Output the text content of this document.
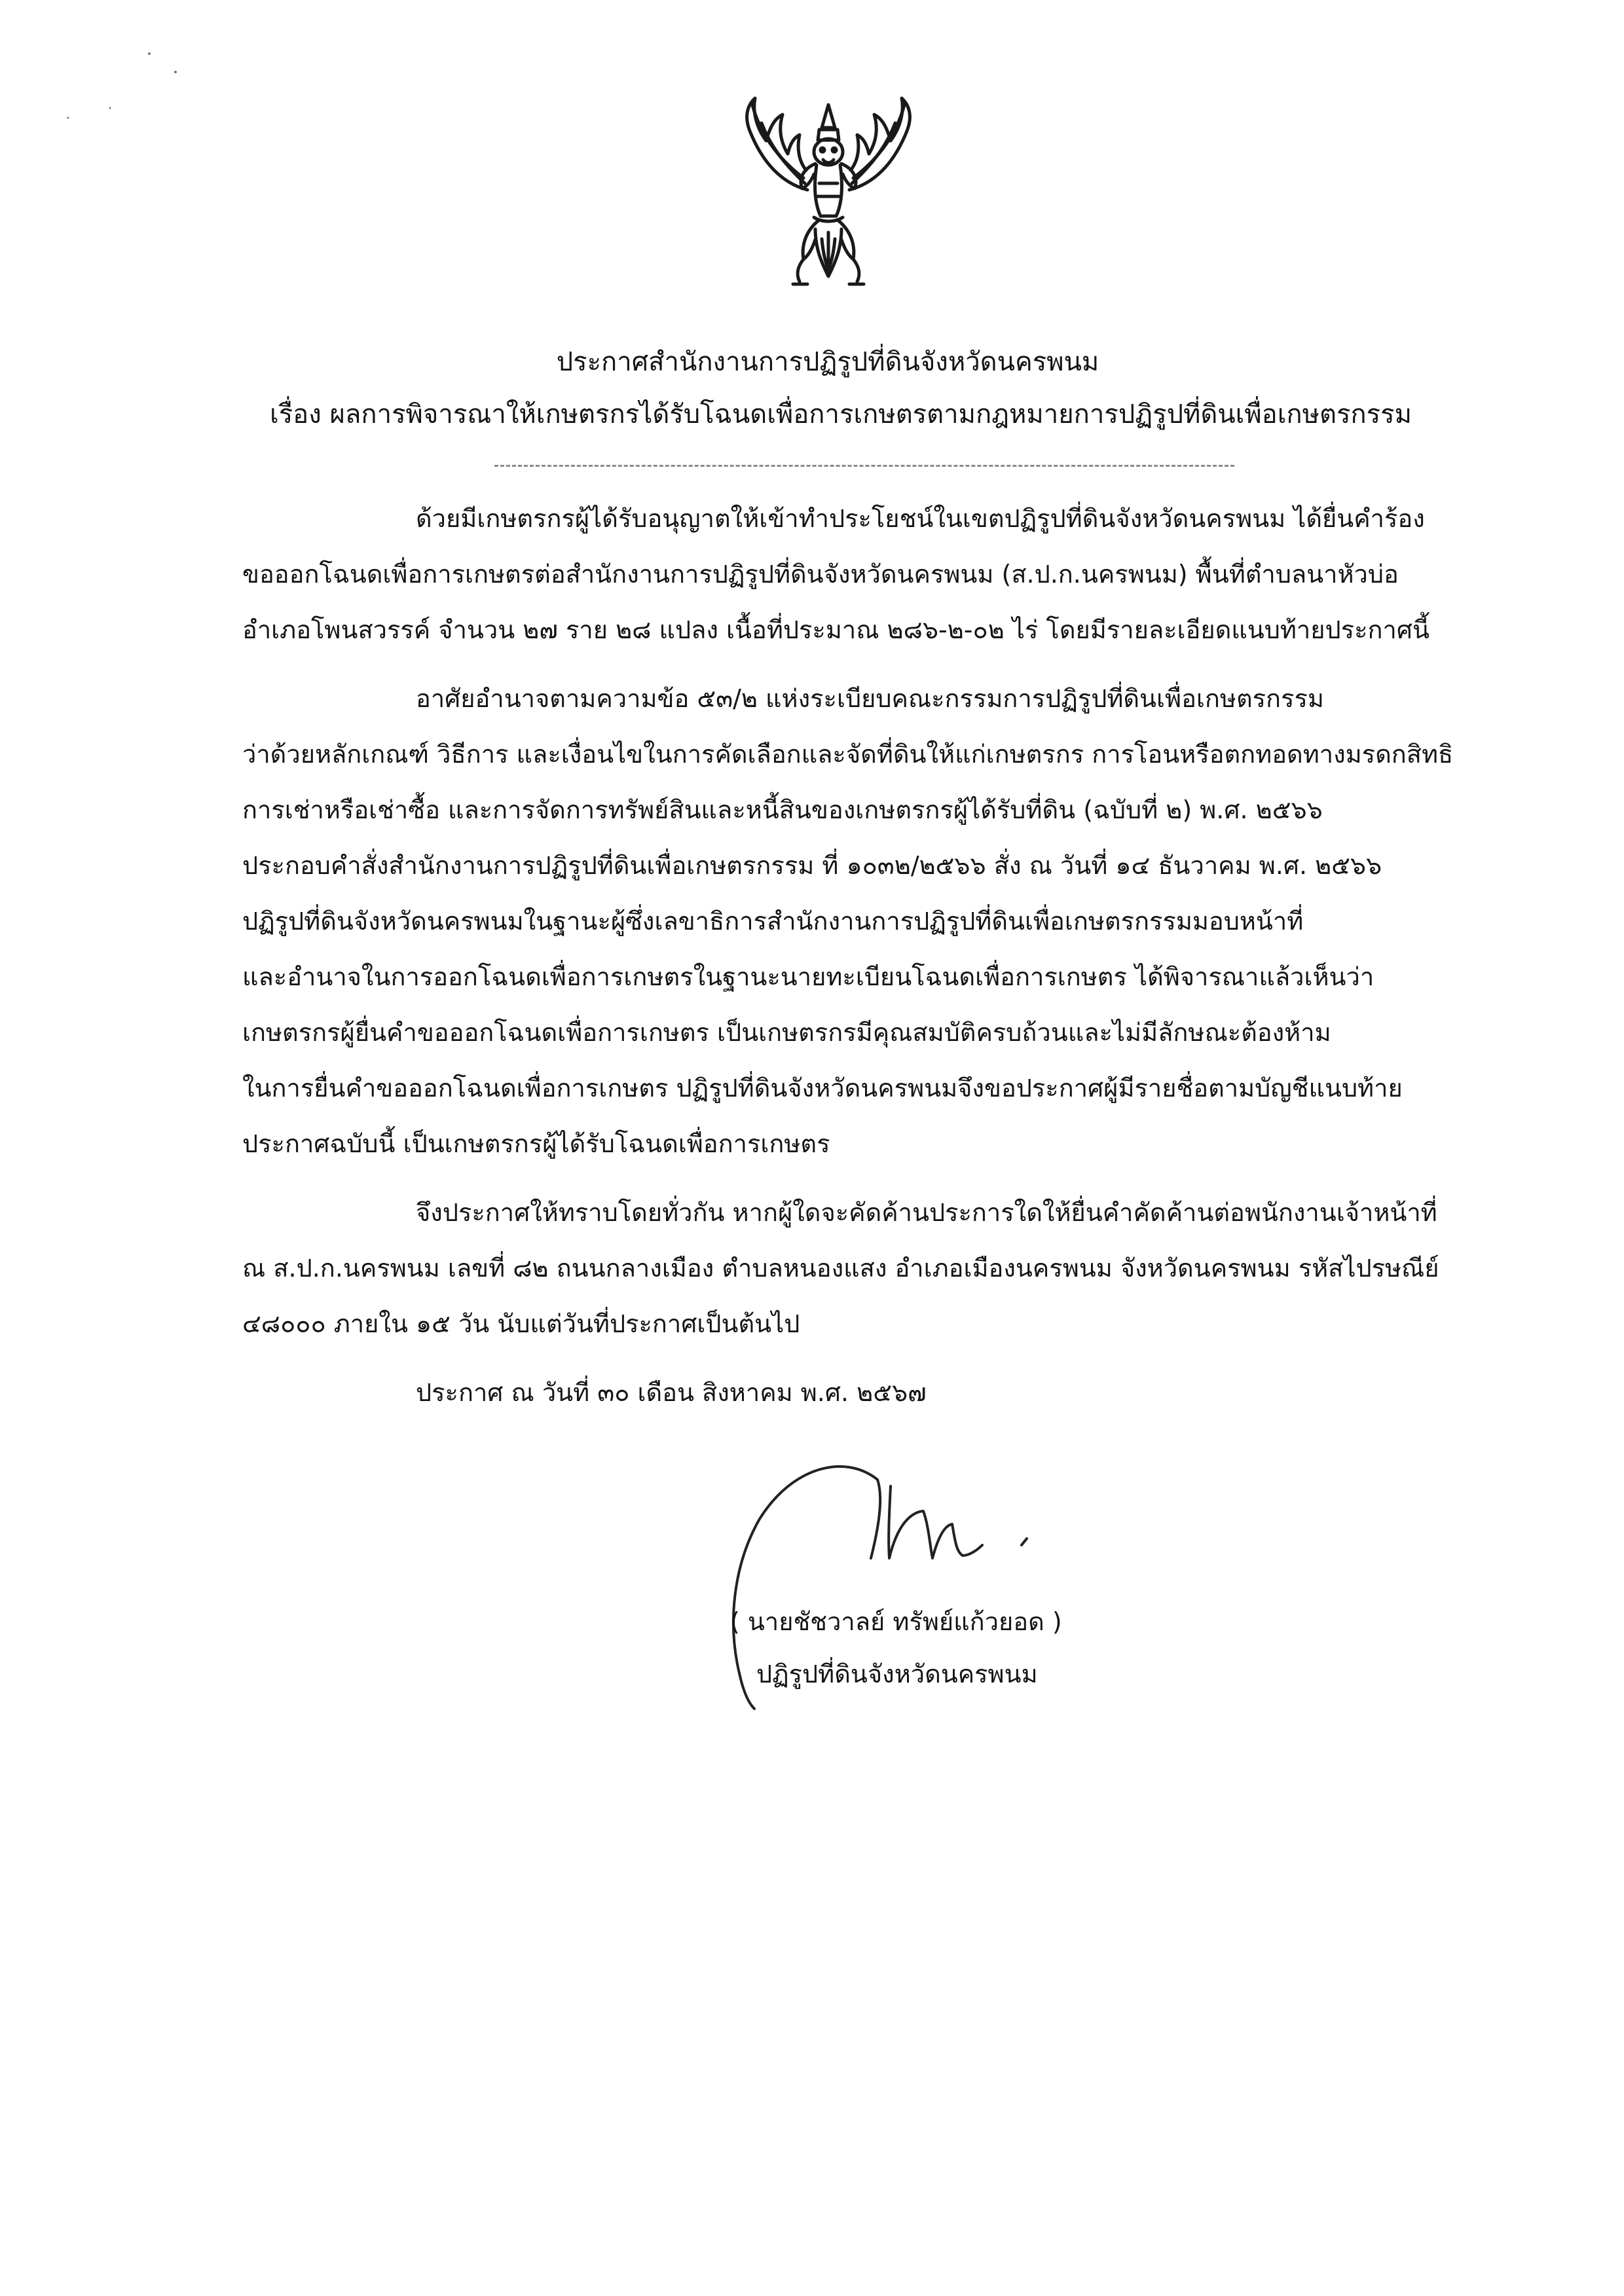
ประกาศสำนักงานการปฏิรูปที่ดินจังหวัดนครพนม
เรื่อง ผลการพิจารณาให้เกษตรกรได้รับโฉนดเพื่อการเกษตรตามกฎหมายการปฏิรูปที่ดินเพื่อเกษตรกรรม
ด้วยมีเกษตรกรผู้ได้รับอนุญาตให้เข้าทำประโยชน์ในเขตปฏิรูปที่ดินจังหวัดนครพนม ได้ยื่นคำร้อง
ขอออกโฉนดเพื่อการเกษตรต่อสำนักงานการปฏิรูปที่ดินจังหวัดนครพนม (ส.ป.ก.นครพนม) พื้นที่ตำบลนาหัวบ่อ
อำเภอโพนสวรรค์ จำนวน ๒๗ ราย ๒๘ แปลง เนื้อที่ประมาณ ๒๘๖-๒-๐๒ ไร่ โดยมีรายละเอียดแนบท้ายประกาศนี้
อาศัยอำนาจตามความข้อ ๕๓/๒ แห่งระเบียบคณะกรรมการปฏิรูปที่ดินเพื่อเกษตรกรรม
ว่าด้วยหลักเกณฑ์ วิธีการ และเงื่อนไขในการคัดเลือกและจัดที่ดินให้แก่เกษตรกร การโอนหรือตกทอดทางมรดกสิทธิ
การเช่าหรือเช่าซื้อ และการจัดการทรัพย์สินและหนี้สินของเกษตรกรผู้ได้รับที่ดิน (ฉบับที่ ๒) พ.ศ. ๒๕๖๖
ประกอบคำสั่งสำนักงานการปฏิรูปที่ดินเพื่อเกษตรกรรม ที่ ๑๐๓๒/๒๕๖๖ สั่ง ณ วันที่ ๑๔ ธันวาคม พ.ศ. ๒๕๖๖
ปฏิรูปที่ดินจังหวัดนครพนมในฐานะผู้ซึ่งเลขาธิการสำนักงานการปฏิรูปที่ดินเพื่อเกษตรกรรมมอบหน้าที่
และอำนาจในการออกโฉนดเพื่อการเกษตรในฐานะนายทะเบียนโฉนดเพื่อการเกษตร ได้พิจารณาแล้วเห็นว่า
เกษตรกรผู้ยื่นคำขอออกโฉนดเพื่อการเกษตร เป็นเกษตรกรมีคุณสมบัติครบถ้วนและไม่มีลักษณะต้องห้าม
ในการยื่นคำขอออกโฉนดเพื่อการเกษตร ปฏิรูปที่ดินจังหวัดนครพนมจึงขอประกาศผู้มีรายชื่อตามบัญชีแนบท้าย
ประกาศฉบับนี้ เป็นเกษตรกรผู้ได้รับโฉนดเพื่อการเกษตร
จึงประกาศให้ทราบโดยทั่วกัน หากผู้ใดจะคัดค้านประการใดให้ยื่นคำคัดค้านต่อพนักงานเจ้าหน้าที่
ณ ส.ป.ก.นครพนม เลขที่ ๘๒ ถนนกลางเมือง ตำบลหนองแสง อำเภอเมืองนครพนม จังหวัดนครพนม รหัสไปรษณีย์
๔๘๐๐๐ ภายใน ๑๕ วัน นับแต่วันที่ประกาศเป็นต้นไป
ประกาศ ณ วันที่ ๓๐ เดือน สิงหาคม พ.ศ. ๒๕๖๗
( นายชัชวาลย์ ทรัพย์แก้วยอด )
ปฏิรูปที่ดินจังหวัดนครพนม
